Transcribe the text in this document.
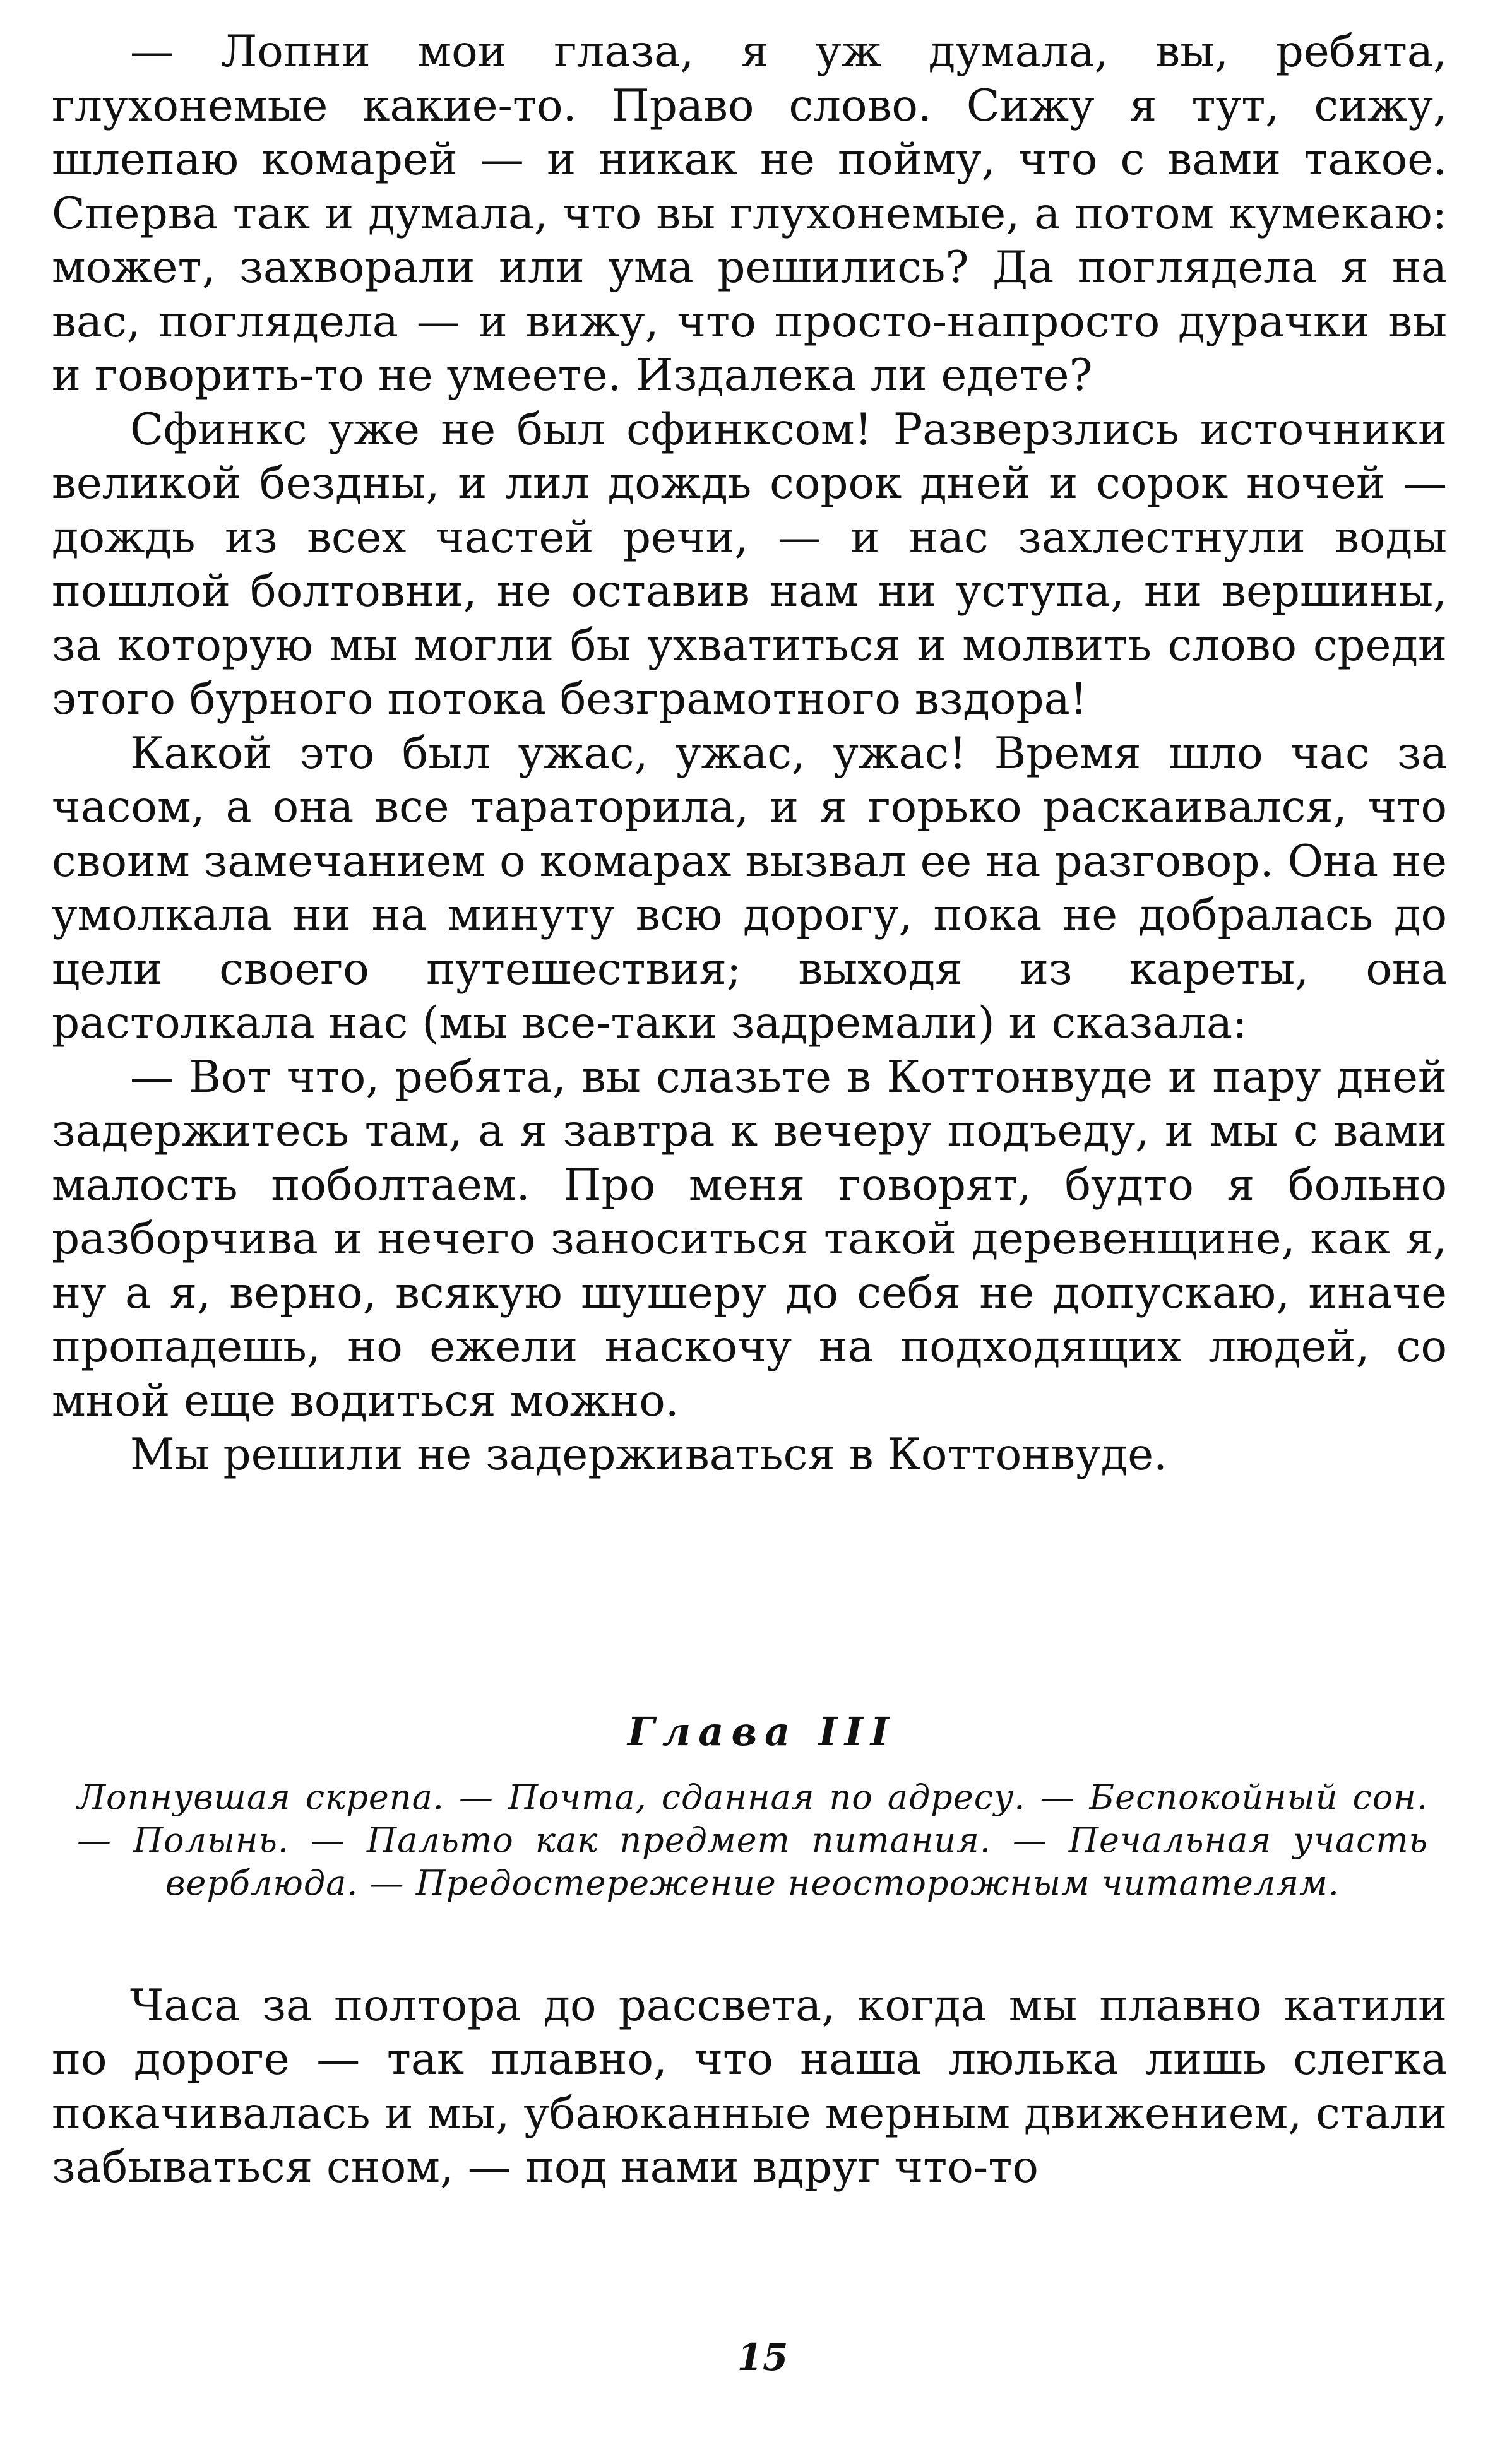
— Лопни мои глаза, я уж думала, вы, ребята, глухонемые какие-то. Право слово. Сижу я тут, сижу, шлепаю комарей — и никак не пойму, что с вами такое. Сперва так и думала, что вы глухонемые, а потом кумекаю: может, захворали или ума решились? Да поглядела я на вас, поглядела — и вижу, что просто-напросто дурачки вы и говорить-то не умеете. Издалека ли едете?

Сфинкс уже не был сфинксом! Разверзлись источники великой бездны, и лил дождь сорок дней и сорок ночей — дождь из всех частей речи, — и нас захлестнули воды пошлой болтовни, не оставив нам ни уступа, ни вершины, за которую мы могли бы ухватиться и молвить слово среди этого бурного потока безграмотного вздора!

Какой это был ужас, ужас, ужас! Время шло час за часом, а она все тараторила, и я горько раскаивался, что своим замечанием о комарах вызвал ее на разговор. Она не умолкала ни на минуту всю дорогу, пока не добралась до цели своего путешествия; выходя из кареты, она растолкала нас (мы все-таки задремали) и сказала:

— Вот что, ребята, вы слазьте в Коттонвуде и пару дней задержитесь там, а я завтра к вечеру подъеду, и мы с вами малость поболтаем. Про меня говорят, будто я больно разборчива и нечего заноситься такой деревенщине, как я, ну а я, верно, всякую шушеру до себя не допускаю, иначе пропадешь, но ежели наскочу на подходящих людей, со мной еще водиться можно.

Мы решили не задерживаться в Коттонвуде.

Глава III

Лопнувшая скрепа. — Почта, сданная по адресу. — Беспокойный сон. — Полынь. — Пальто как предмет питания. — Печальная участь верблюда. — Предостережение неосторожным читателям.

Часа за полтора до рассвета, когда мы плавно катили по дороге — так плавно, что наша люлька лишь слегка покачивалась и мы, убаюканные мерным движением, стали забываться сном, — под нами вдруг что-то

15
